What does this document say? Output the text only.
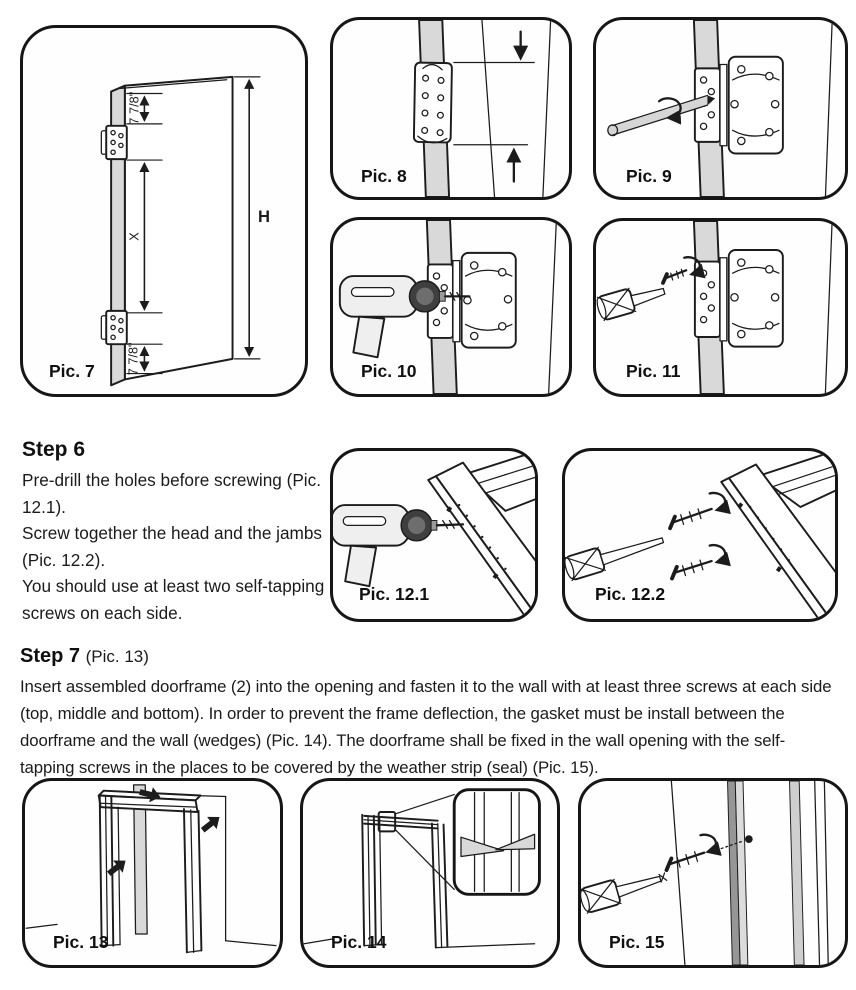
7 7/8"
X
7 7/8"
H
Pic. 7
Pic. 8	Pic. 9
Pic. 10	Pic. 11
Step 6
Pre-drill the holes before screwing (Pic. 12.1).
Screw together the head and the jambs
(Pic. 12.2).
You should use at least two self-tapping
screws on each side.
Pic. 12.1	Pic. 12.2
Step 7 (Pic. 13)
Insert assembled doorframe (2) into the opening and fasten it to the wall with at least three screws at each side (top, middle and bottom). In order to prevent the frame deflection, the gasket must be install between the doorframe and the wall (wedges) (Pic. 14). The doorframe shall be fixed in the wall opening with the self-tapping screws in the places to be covered by the weather strip (seal) (Pic. 15).
Pic. 13	Pic. 14	Pic. 15
